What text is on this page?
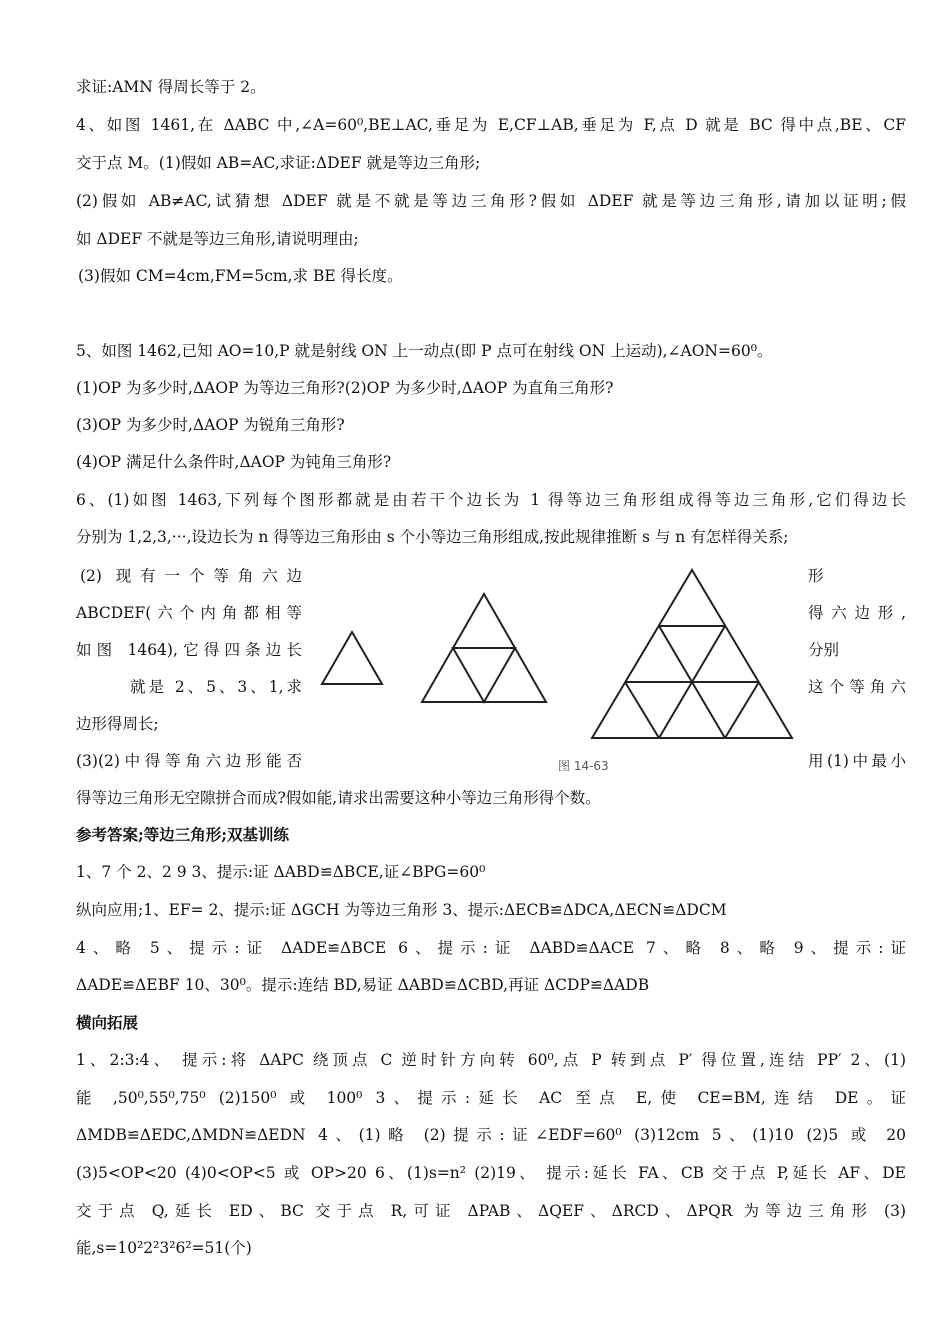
求证:AMN 得周长等于 2。
4、如图 1461,在 ΔABC 中,∠A=60⁰,BE⊥AC,垂足为 E,CF⊥AB,垂足为 F,点 D 就是 BC 得中点,BE、CF
交于点 M。(1)假如 AB=AC,求证:ΔDEF 就是等边三角形;
(2)假如 AB≠AC,试猜想 ΔDEF 就是不就是等边三角形?假如 ΔDEF 就是等边三角形,请加以证明;假
如 ΔDEF 不就是等边三角形,请说明理由;
(3)假如 CM=4cm,FM=5cm,求 BE 得长度。
5、如图 1462,已知 AO=10,P 就是射线 ON 上一动点(即 P 点可在射线 ON 上运动),∠AON=60⁰。
(1)OP 为多少时,ΔAOP 为等边三角形?(2)OP 为多少时,ΔAOP 为直角三角形?
(3)OP 为多少时,ΔAOP 为锐角三角形?
(4)OP 满足什么条件时,ΔAOP 为钝角三角形?
6、(1)如图 1463,下列每个图形都就是由若干个边长为 1 得等边三角形组成得等边三角形,它们得边长
分别为 1,2,3,···,设边长为 n 得等边三角形由 s 个小等边三角形组成,按此规律推断 s 与 n 有怎样得关系;
(2) 现有一个等角六边
ABCDEF(六个内角都相等
如图 1464),它得四条边长
就是 2、5、3、1,求
边形得周长;
(3)(2)中得等角六边形能否
形
得六边形,
分别
这个等角六
用(1)中最小
图 14-63
得等边三角形无空隙拼合而成?假如能,请求出需要这种小等边三角形得个数。
参考答案;等边三角形;双基训练
1、7 个 2、2 9 3、提示:证 ΔABD≌ΔBCE,证∠BPG=60⁰
纵向应用;1、EF= 2、提示:证 ΔGCH 为等边三角形 3、提示:ΔECB≌ΔDCA,ΔECN≌ΔDCM
4、略 5、提示:证 ΔADE≌ΔBCE 6、提示:证 ΔABD≌ΔACE 7、略 8、略 9、提示:证
ΔADE≌ΔEBF 10、30⁰。提示:连结 BD,易证 ΔABD≌ΔCBD,再证 ΔCDP≌ΔADB
横向拓展
1、2:3:4、 提示:将 ΔAPC 绕顶点 C 逆时针方向转 60⁰,点 P 转到点 P′ 得位置,连结 PP′ 2、(1)
能 ,50⁰,55⁰,75⁰ (2)150⁰ 或 100⁰ 3、提示:延长 AC 至点 E,使 CE=BM,连结 DE。证
ΔMDB≌ΔEDC,ΔMDN≌ΔEDN 4、(1)略 (2)提示:证∠EDF=60⁰ (3)12cm 5、(1)10 (2)5 或 20
(3)5<OP<20 (4)0<OP<5 或 OP>20 6、(1)s=n² (2)19、 提示:延长 FA、CB 交于点 P,延长 AF、DE
交于点 Q,延长 ED、BC 交于点 R,可证 ΔPAB、ΔQEF、ΔRCD、ΔPQR 为等边三角形 (3)
能,s=10²2²3²6²=51(个)
